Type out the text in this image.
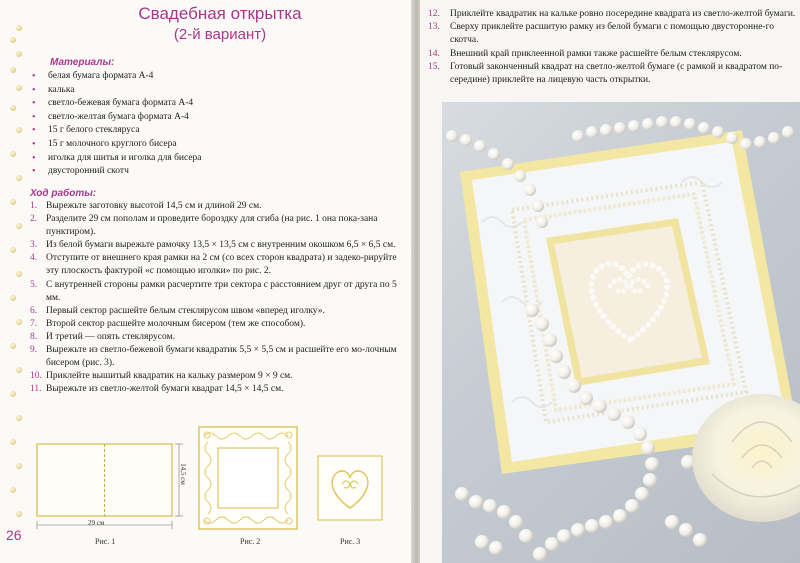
Свадебная открытка
(2-й вариант)
Материалы:
• белая бумага формата А-4
• калька
• светло-бежевая бумага формата А-4
• светло-желтая бумага формата А-4
• 15 г белого стекляруса
• 15 г молочного круглого бисера
• иголка для шитья и иголка для бисера
• двусторонний скотч
Ход работы:
1. Вырежьте заготовку высотой 14,5 см и длиной 29 см.
2. Разделите 29 см пополам и проведите бороздку для сгиба (на рис. 1 она пока-зана пунктиром).
3. Из белой бумаги вырежьте рамочку 13,5 × 13,5 см с внутренним окошком 6,5 × 6,5 см.
4. Отступите от внешнего края рамки на 2 см (со всех сторон квадрата) и задеко-рируйте эту плоскость фактурой «с помощью иголки» по рис. 2.
5. С внутренней стороны рамки расчертите три сектора с расстоянием друг от друга по 5 мм.
6. Первый сектор расшейте белым стеклярусом швом «вперед иголку».
7. Второй сектор расшейте молочным бисером (тем же способом).
8. И третий — опять стеклярусом.
9. Вырежьте из светло-бежевой бумаги квадратик 5,5 × 5,5 см и расшейте его мо-лочным бисером (рис. 3).
10. Приклейте вышитый квадратик на кальку размером 9 × 9 см.
11. Вырежьте из светло-желтой бумаги квадрат 14,5 × 14,5 см.
29 см
14,5 см
Рис. 1	Рис. 2	Рис. 3
26
12. Приклейте квадратик на кальке ровно посередине квадрата из светло-желтой бумаги.
13. Сверху приклейте расшитую рамку из белой бумаги с помощью двусторонне-го скотча.
14. Внешний край приклеенной рамки также расшейте белым стеклярусом.
15. Готовый законченный квадрат на светло-желтой бумаге (с рамкой и квадратом по-середине) приклейте на лицевую часть открытки.
